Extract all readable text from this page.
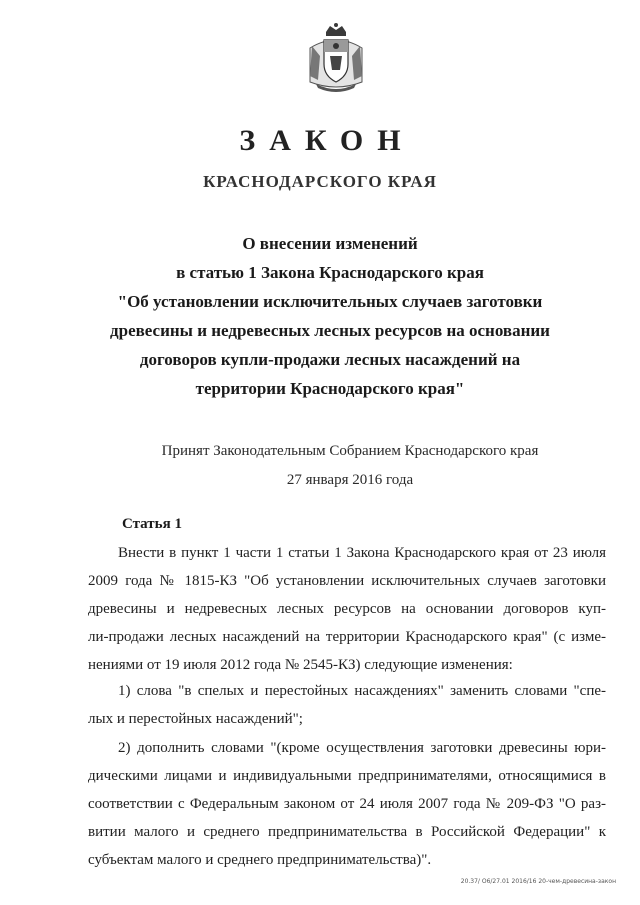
ЗАКОН
КРАСНОДАРСКОГО КРАЯ
О внесении изменений
в статью 1 Закона Краснодарского края
"Об установлении исключительных случаев заготовки
древесины и недревесных лесных ресурсов на основании
договоров купли-продажи лесных насаждений на
территории Краснодарского края"
Принят Законодательным Собранием Краснодарского края
27 января 2016 года
Статья 1
Внести в пункт 1 части 1 статьи 1 Закона Краснодарского края от 23 июля
2009 года № 1815-КЗ "Об установлении исключительных случаев заготовки
древесины и недревесных лесных ресурсов на основании договоров куп-
ли-продажи лесных насаждений на территории Краснодарского края" (с изме-
нениями от 19 июля 2012 года № 2545-КЗ) следующие изменения:
1) слова "в спелых и перестойных насаждениях" заменить словами "спе-
лых и перестойных насаждений";
2) дополнить словами "(кроме осуществления заготовки древесины юри-
дическими лицами и индивидуальными предпринимателями, относящимися в
соответствии с Федеральным законом от 24 июля 2007 года № 209-ФЗ "О раз-
витии малого и среднего предпринимательства в Российской Федерации" к
субъектам малого и среднего предпринимательства)".
20.37/ О6/27.01 2016/16 20-чем-древесина-закон
